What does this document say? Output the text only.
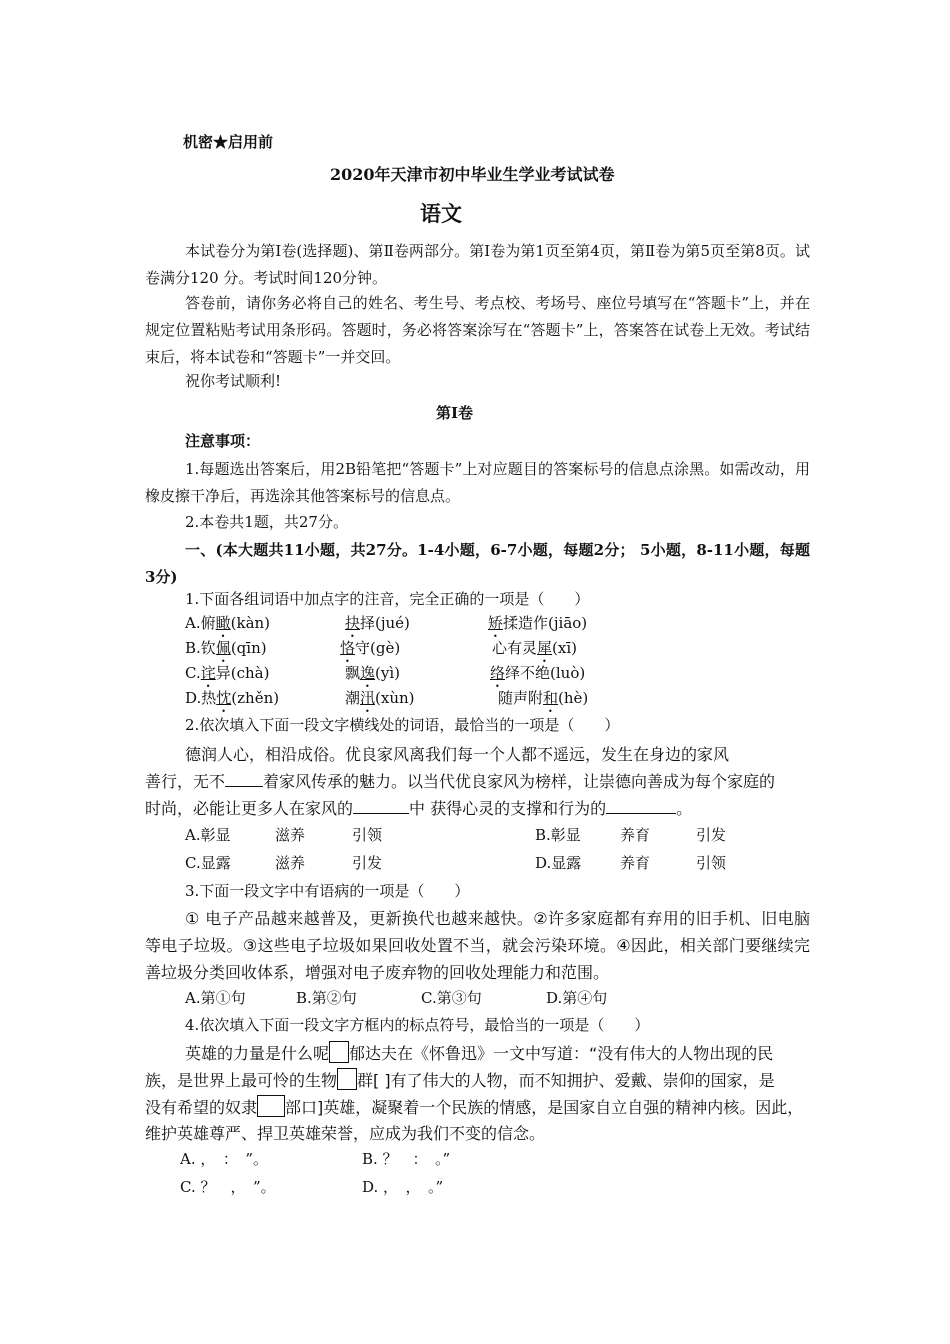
机密★启用前
2020年天津市初中毕业生学业考试试卷
语文
本试卷分为第Ⅰ卷(选择题)、第Ⅱ卷两部分。第Ⅰ卷为第1页至第4页，第Ⅱ卷为第5页至第8页。试卷满分120 分。考试时间120分钟。
答卷前，请你务必将自己的姓名、考生号、考点校、考场号、座位号填写在“答题卡”上，并在规定位置粘贴考试用条形码。答题时，务必将答案涂写在“答题卡”上，答案答在试卷上无效。考试结束后，将本试卷和“答题卡”一并交回。
祝你考试顺利!
第Ⅰ卷
注意事项：
1.每题选出答案后，用2B铅笔把“答题卡”上对应题目的答案标号的信息点涂黑。如需改动，用橡皮擦干净后，再选涂其他答案标号的信息点。
2.本卷共1题，共27分。
一、(本大题共11小题，共27分。1-4小题，6-7小题，每题2分； 5小题，8-11小题，每题3分)
1.下面各组词语中加点字的注音，完全正确的一项是（　　）
A.俯瞰(kàn)	抉择(jué)	矫揉造作(jiāo)
B.钦佩(qīn)	恪守(gè)	心有灵犀(xī)
C.诧异(chà)	飘逸(yì)	络绎不绝(luò)
D.热忱(zhěn)	潮汛(xùn)	随声附和(hè)
2.依次填入下面一段文字横线处的词语，最恰当的一项是（　　）
德润人心，相沿成俗。优良家风离我们每一个人都不遥远，发生在身边的家风
善行，无不 着家风传承的魅力。以当代优良家风为榜样，让崇德向善成为每个家庭的
时尚，必能让更多人在家风的	中 获得心灵的支撑和行为的	。
A.彰显	滋养	引领	B.彰显	养育	引发
C.显露	滋养	引发	D.显露	养育	引领
3.下面一段文字中有语病的一项是（　　）
① 电子产品越来越普及，更新换代也越来越快。②许多家庭都有弃用的旧手机、旧电脑等电子垃圾。③这些电子垃圾如果回收处置不当，就会污染环境。④因此，相关部门要继续完善垃圾分类回收体系，增强对电子废弃物的回收处理能力和范围。
A.第①句	B.第②句	C.第③句	D.第④句
4.依次填入下面一段文字方框内的标点符号，最恰当的一项是（　　）
英雄的力量是什么呢 郁达夫在《怀鲁迅》一文中写道：“没有伟大的人物出现的民
族，是世界上最可怜的生物 群[ ]有了伟大的人物，而不知拥护、爱戴、崇仰的国家，是
没有希望的奴隶 部口]英雄，凝聚着一个民族的情感，是国家自立自强的精神内核。因此，
维护英雄尊严、捍卫英雄荣誉，应成为我们不变的信念。
A. ，　：　”。	B. ？　：　。”
C. ？　，　”。	D. ，　，　。”
